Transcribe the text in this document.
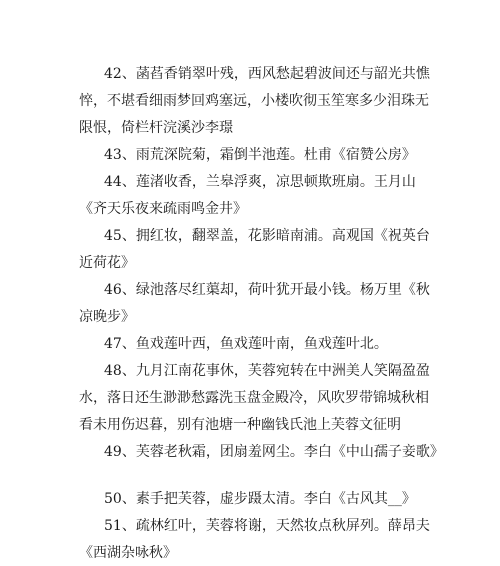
42、菡萏香销翠叶残，西风愁起碧波间还与韶光共憔
悴，不堪看细雨梦回鸡塞远，小楼吹彻玉笙寒多少泪珠无
限恨，倚栏杆浣溪沙李璟
43、雨荒深院菊，霜倒半池莲。杜甫《宿赞公房》
44、莲渚收香，兰皋浮爽，凉思顿欺班扇。王月山
《齐天乐夜来疏雨鸣金井》
45、拥红妆，翻翠盖，花影暗南浦。高观国《祝英台
近荷花》
46、绿池落尽红蕖却，荷叶犹开最小钱。杨万里《秋
凉晚步》
47、鱼戏莲叶西，鱼戏莲叶南，鱼戏莲叶北。
48、九月江南花事休，芙蓉宛转在中洲美人笑隔盈盈
水，落日还生渺渺愁露洗玉盘金殿冷，风吹罗带锦城秋相
看未用伤迟暮，别有池塘一种幽钱氏池上芙蓉文征明
49、芙蓉老秋霜，团扇羞网尘。李白《中山孺子妾歌》
50、素手把芙蓉，虚步蹑太清。李白《古风其__》
51、疏林红叶，芙蓉将谢，天然妆点秋屏列。薛昂夫
《西湖杂咏秋》
